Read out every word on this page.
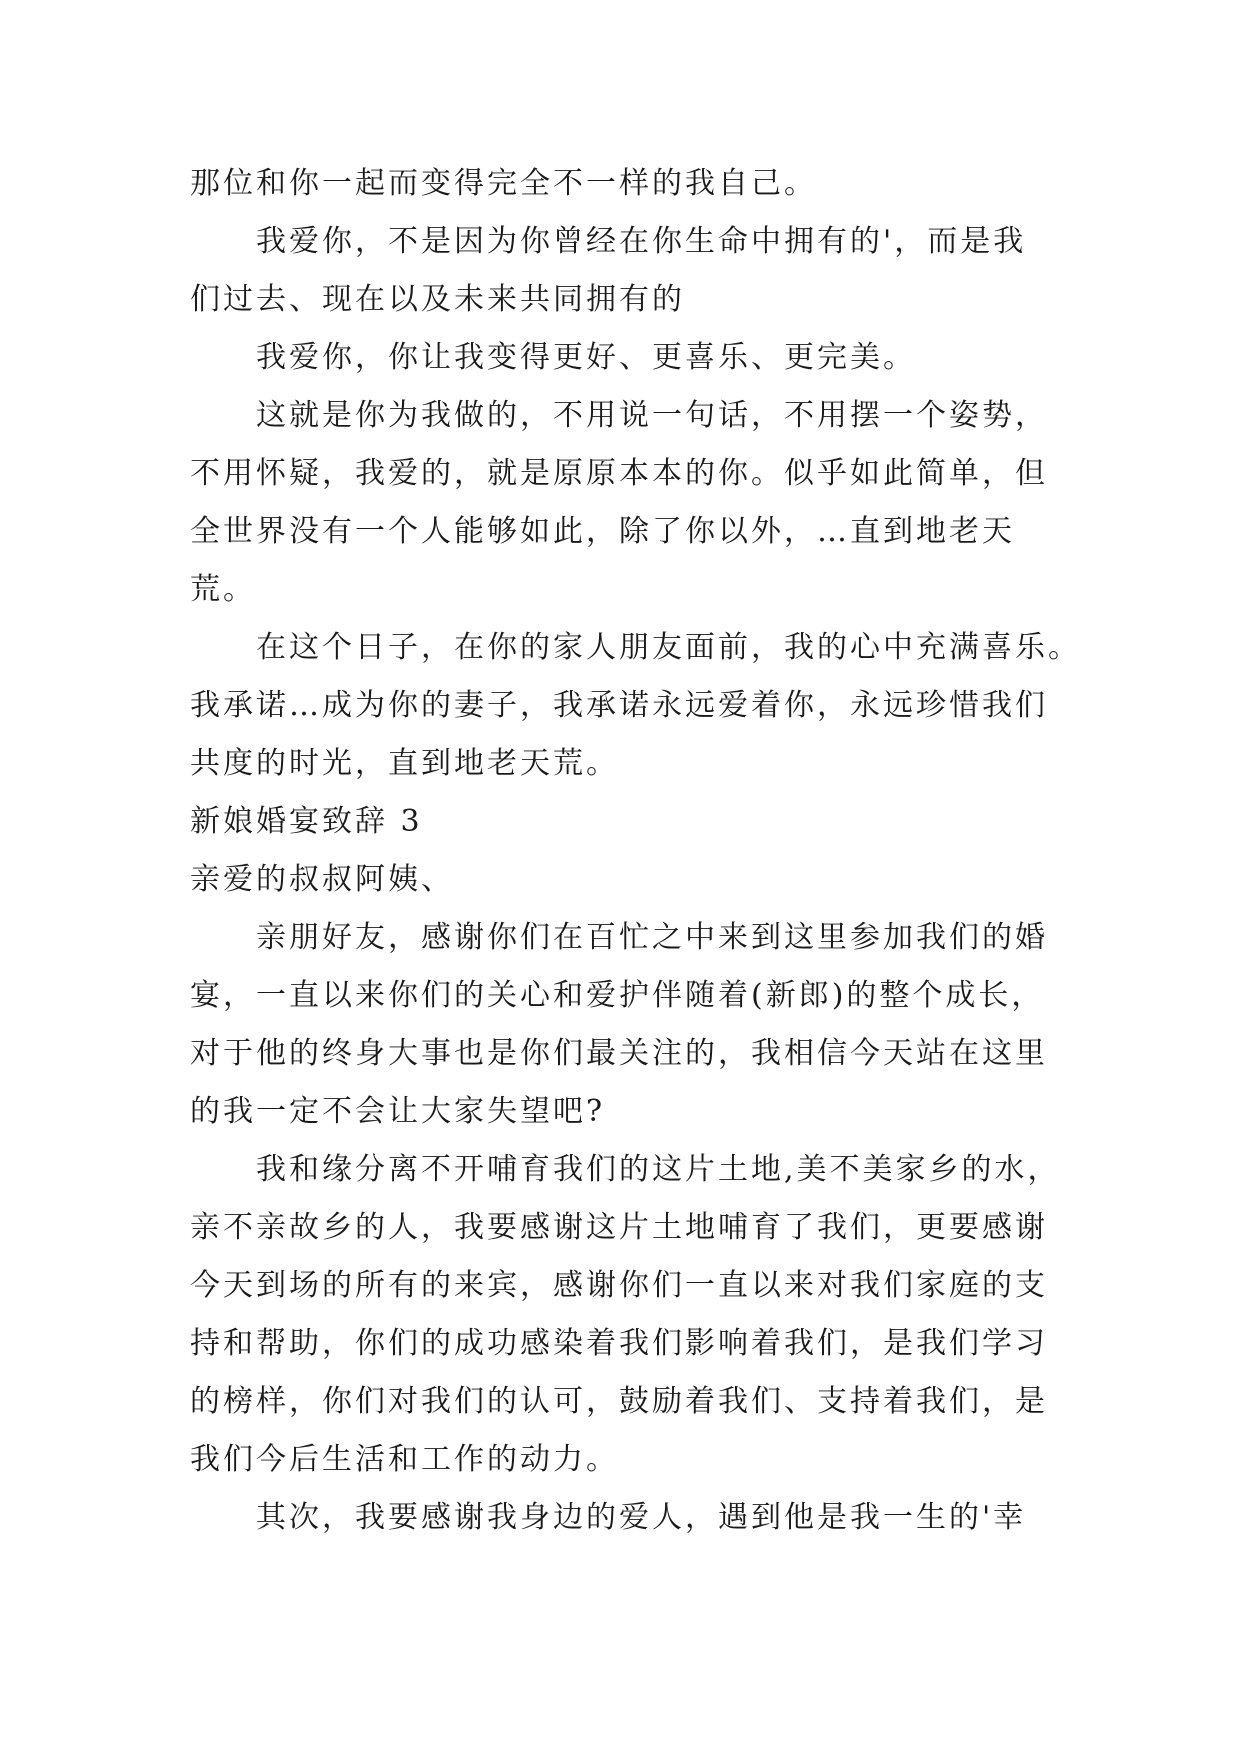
那位和你一起而变得完全不一样的我自己。
我爱你，不是因为你曾经在你生命中拥有的'，而是我
们过去、现在以及未来共同拥有的
我爱你，你让我变得更好、更喜乐、更完美。
这就是你为我做的，不用说一句话，不用摆一个姿势，
不用怀疑，我爱的，就是原原本本的你。似乎如此简单，但
全世界没有一个人能够如此，除了你以外，…直到地老天
荒。
在这个日子，在你的家人朋友面前，我的心中充满喜乐。
我承诺…成为你的妻子，我承诺永远爱着你，永远珍惜我们
共度的时光，直到地老天荒。
新娘婚宴致辞 3
亲爱的叔叔阿姨、
亲朋好友，感谢你们在百忙之中来到这里参加我们的婚
宴，一直以来你们的关心和爱护伴随着(新郎)的整个成长，
对于他的终身大事也是你们最关注的，我相信今天站在这里
的我一定不会让大家失望吧?
我和缘分离不开哺育我们的这片土地,美不美家乡的水，
亲不亲故乡的人，我要感谢这片土地哺育了我们，更要感谢
今天到场的所有的来宾，感谢你们一直以来对我们家庭的支
持和帮助，你们的成功感染着我们影响着我们，是我们学习
的榜样，你们对我们的认可，鼓励着我们、支持着我们，是
我们今后生活和工作的动力。
其次，我要感谢我身边的爱人，遇到他是我一生的'幸
